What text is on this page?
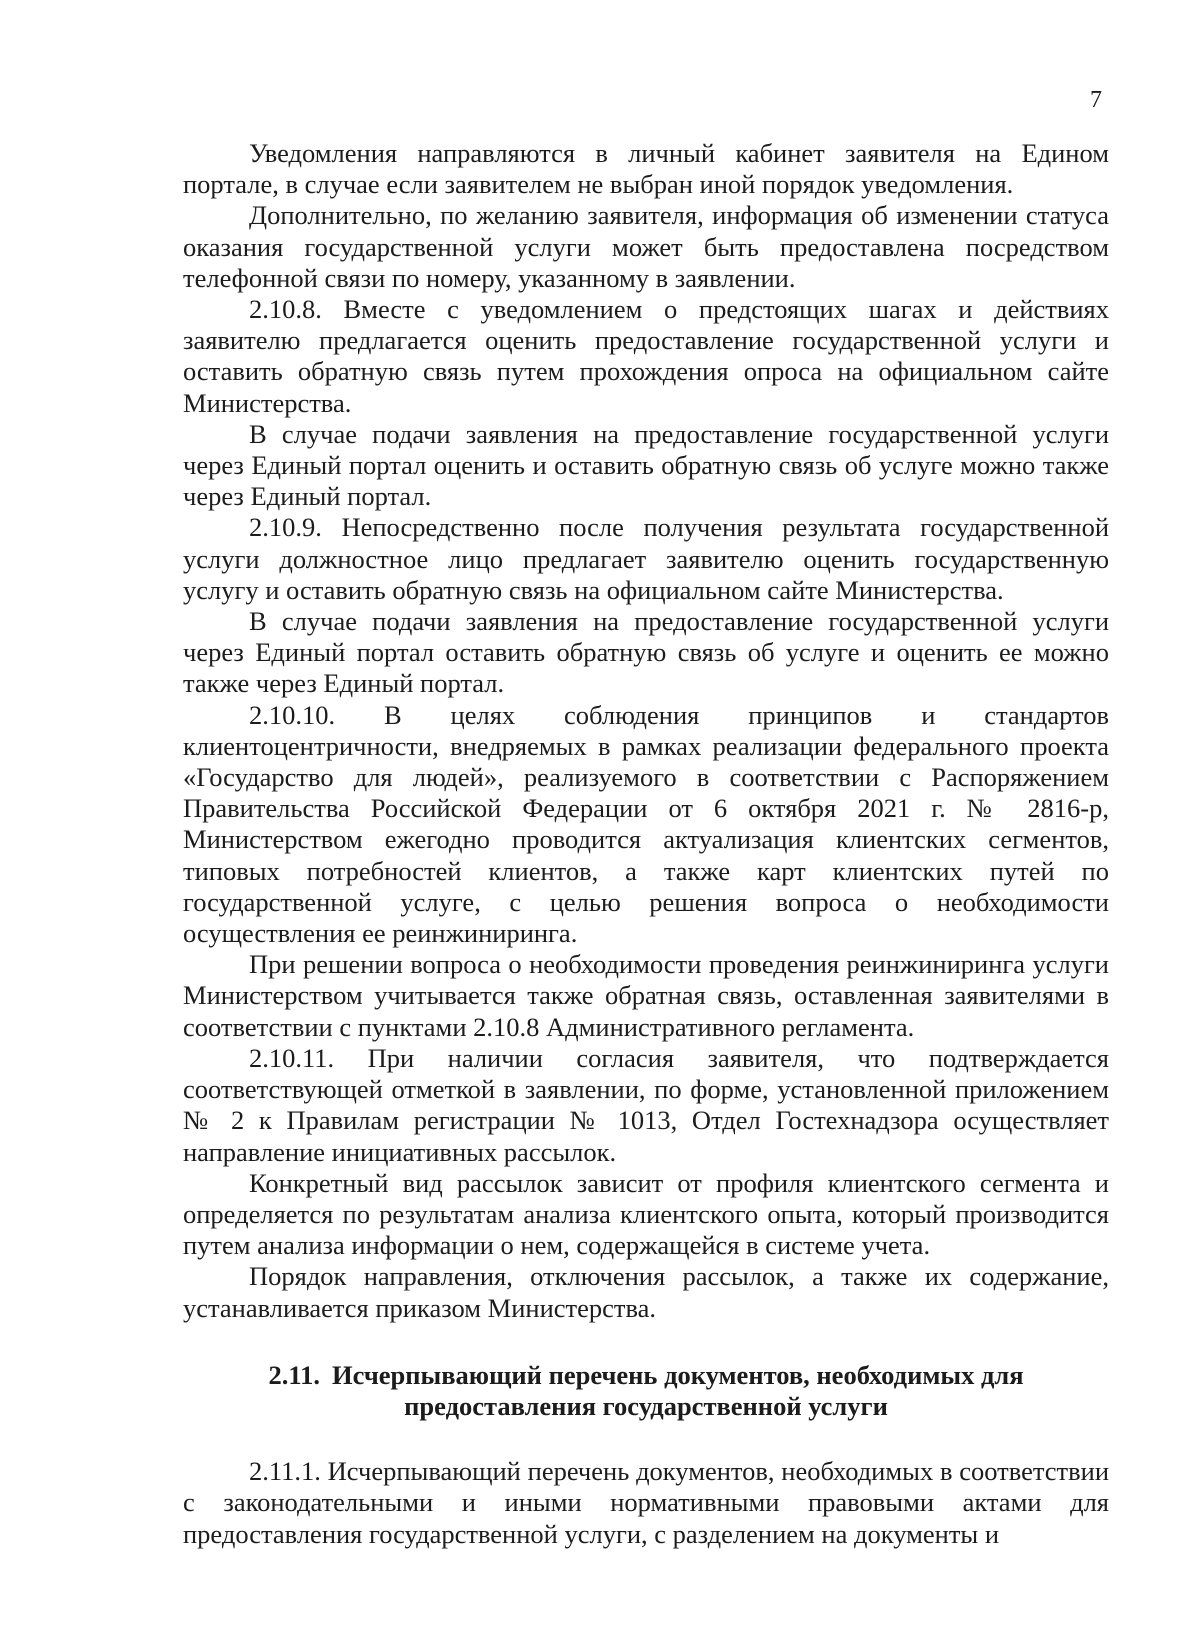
7

Уведомления направляются в личный кабинет заявителя на Едином портале, в случае если заявителем не выбран иной порядок уведомления.

Дополнительно, по желанию заявителя, информация об изменении статуса оказания государственной услуги может быть предоставлена посредством телефонной связи по номеру, указанному в заявлении.

2.10.8. Вместе с уведомлением о предстоящих шагах и действиях заявителю предлагается оценить предоставление государственной услуги и оставить обратную связь путем прохождения опроса на официальном сайте Министерства.

В случае подачи заявления на предоставление государственной услуги через Единый портал оценить и оставить обратную связь об услуге можно также через Единый портал.

2.10.9. Непосредственно после получения результата государственной услуги должностное лицо предлагает заявителю оценить государственную услугу и оставить обратную связь на официальном сайте Министерства.

В случае подачи заявления на предоставление государственной услуги через Единый портал оставить обратную связь об услуге и оценить ее можно также через Единый портал.

2.10.10. В целях соблюдения принципов и стандартов клиентоцентричности, внедряемых в рамках реализации федерального проекта «Государство для людей», реализуемого в соответствии с Распоряжением Правительства Российской Федерации от 6 октября 2021 г. № 2816-р, Министерством ежегодно проводится актуализация клиентских сегментов, типовых потребностей клиентов, а также карт клиентских путей по государственной услуге, с целью решения вопроса о необходимости осуществления ее реинжиниринга.

При решении вопроса о необходимости проведения реинжиниринга услуги Министерством учитывается также обратная связь, оставленная заявителями в соответствии с пунктами 2.10.8 Административного регламента.

2.10.11. При наличии согласия заявителя, что подтверждается соответствующей отметкой в заявлении, по форме, установленной приложением № 2 к Правилам регистрации № 1013, Отдел Гостехнадзора осуществляет направление инициативных рассылок.

Конкретный вид рассылок зависит от профиля клиентского сегмента и определяется по результатам анализа клиентского опыта, который производится путем анализа информации о нем, содержащейся в системе учета.

Порядок направления, отключения рассылок, а также их содержание, устанавливается приказом Министерства.

2.11. Исчерпывающий перечень документов, необходимых для предоставления государственной услуги

2.11.1. Исчерпывающий перечень документов, необходимых в соответствии с законодательными и иными нормативными правовыми актами для предоставления государственной услуги, с разделением на документы и
